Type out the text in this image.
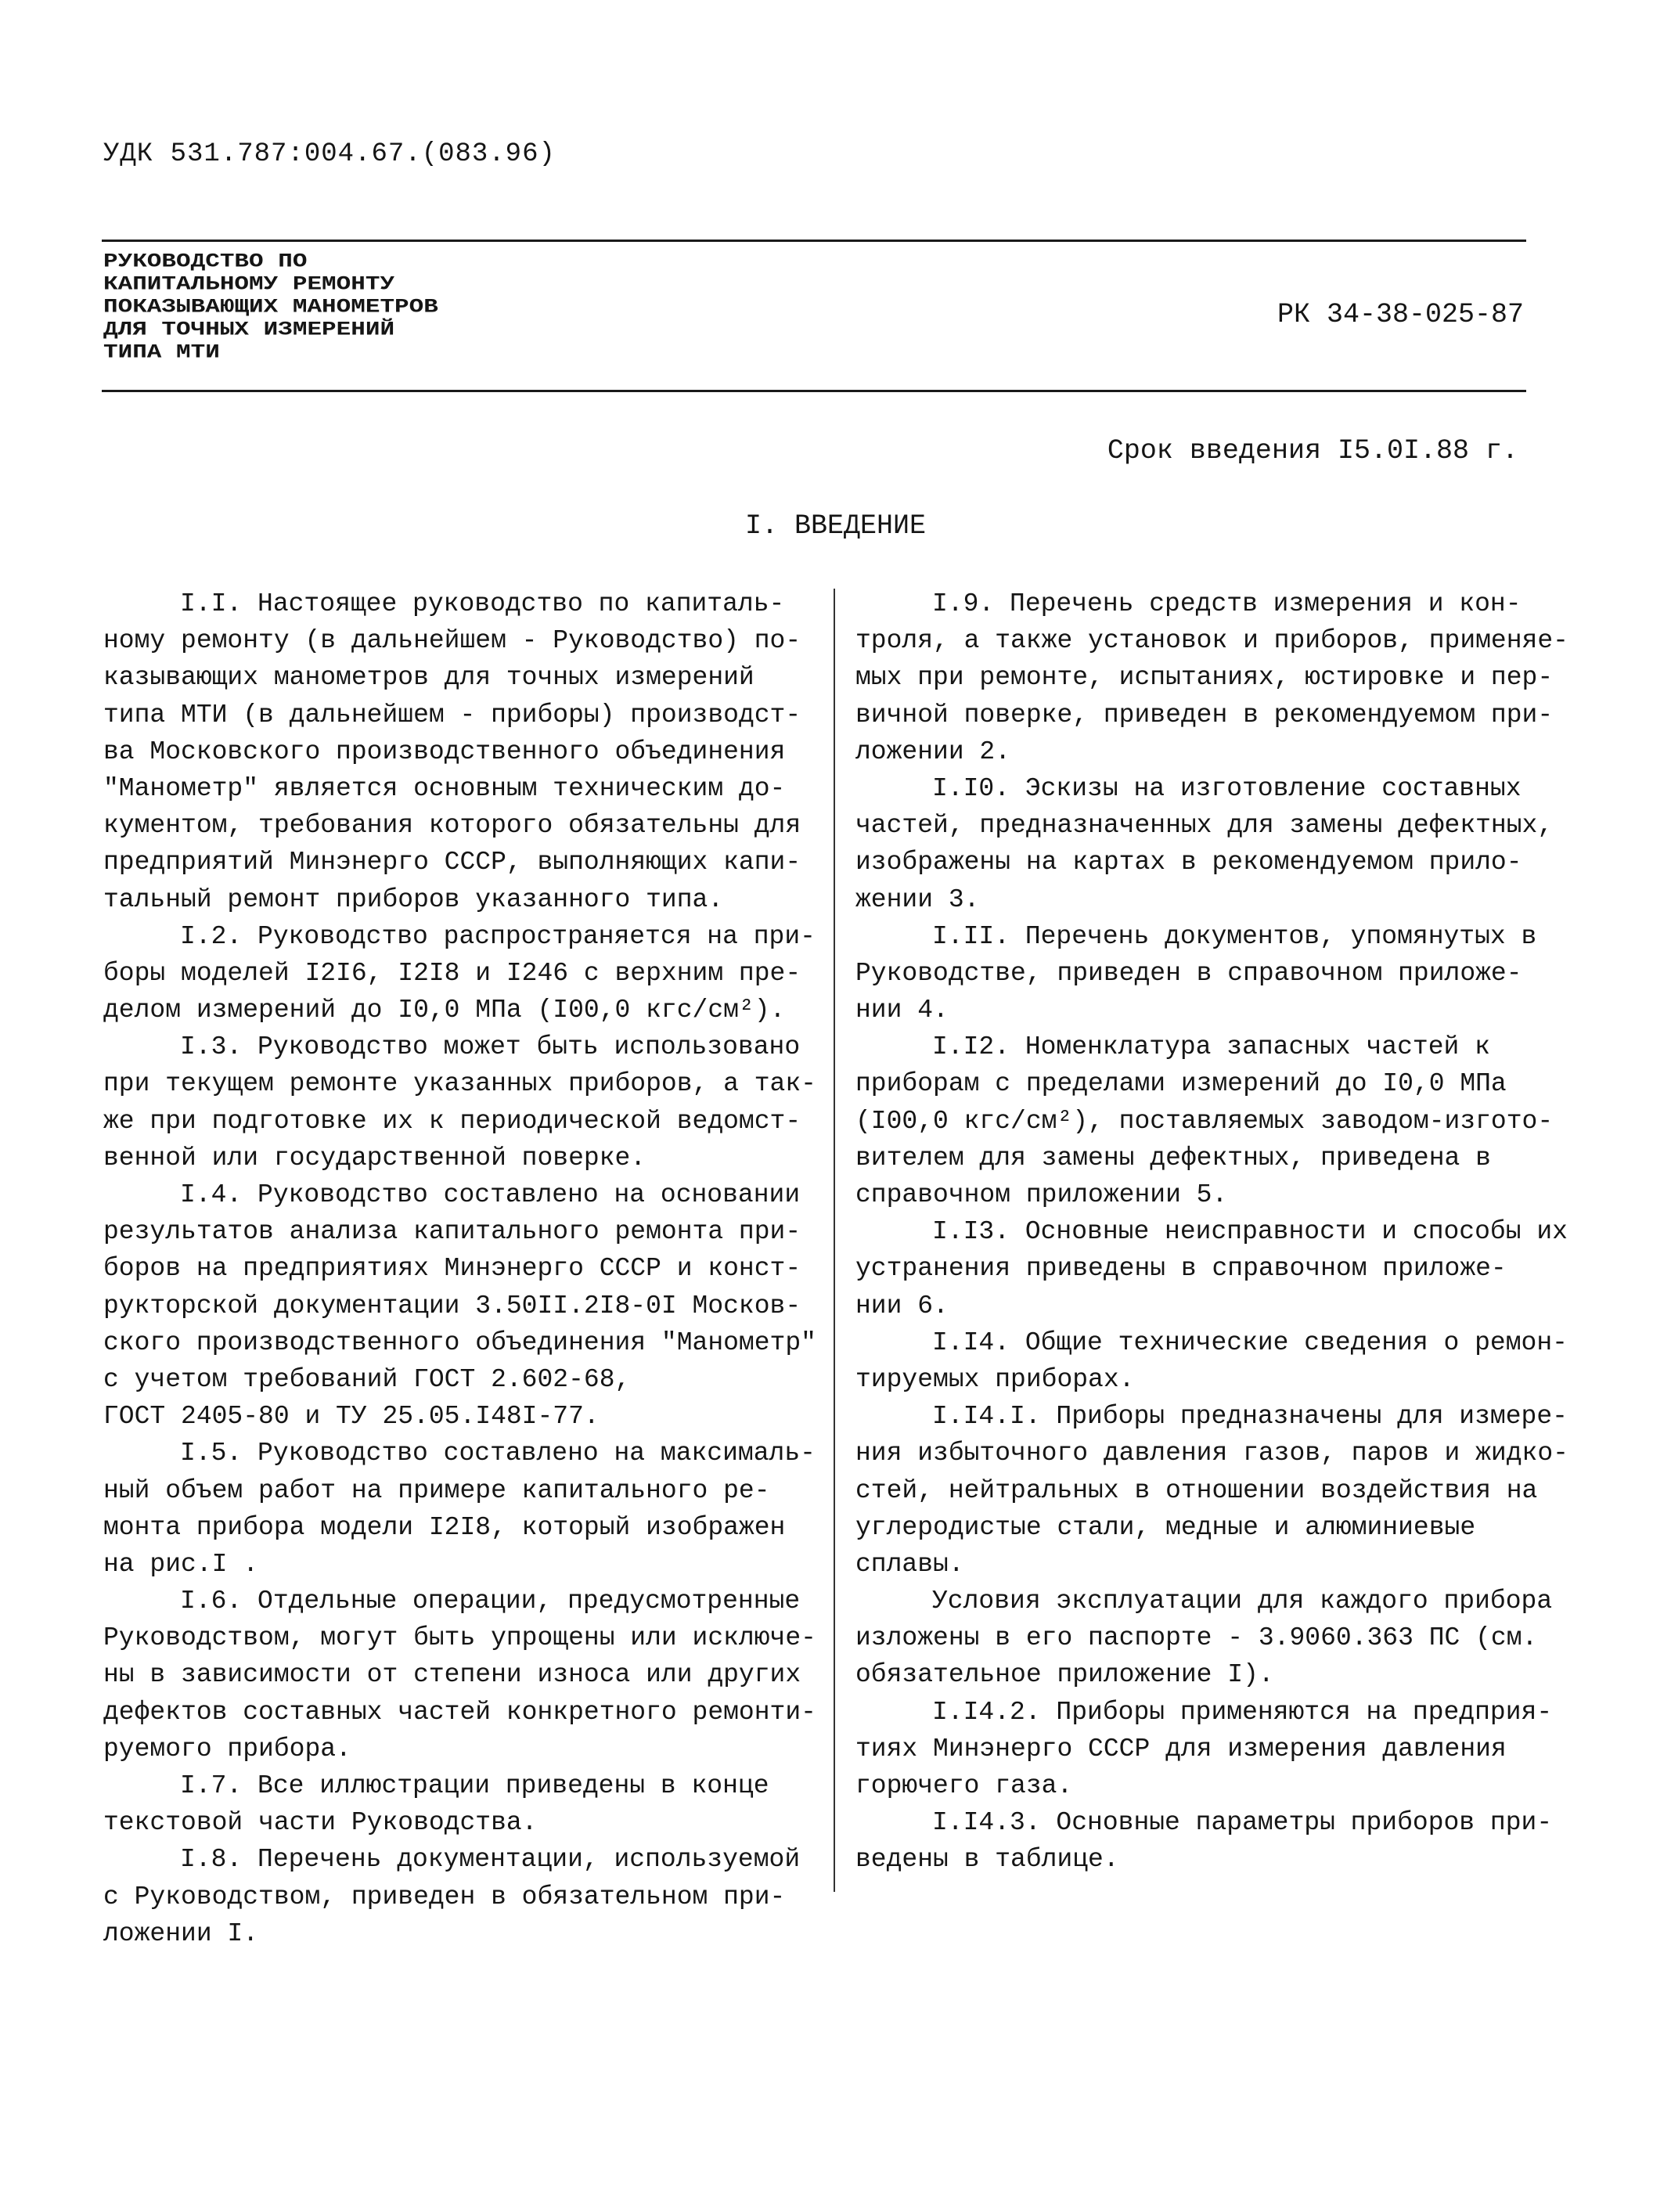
УДК 531.787:004.67.(083.96)
РУКОВОДСТВО ПО
КАПИТАЛЬНОМУ РЕМОНТУ
ПОКАЗЫВАЮЩИХ МАНОМЕТРОВ
ДЛЯ ТОЧНЫХ ИЗМЕРЕНИЙ
ТИПА МТИ
РК 34-38-025-87
Срок введения I5.0I.88 г.
I. ВВЕДЕНИЕ
I.I. Настоящее руководство по капиталь-
ному ремонту (в дальнейшем - Руководство) по-
казывающих манометров для точных измерений
типа МТИ (в дальнейшем - приборы) производст-
ва Московского производственного объединения
"Манометр" является основным техническим до-
кументом, требования которого обязательны для
предприятий Минэнерго СССР, выполняющих капи-
тальный ремонт приборов указанного типа.
I.2. Руководство распространяется на при-
боры моделей I2I6, I2I8 и I246 с верхним пре-
делом измерений до I0,0 МПа (I00,0 кгс/см²).
I.3. Руководство может быть использовано
при текущем ремонте указанных приборов, а так-
же при подготовке их к периодической ведомст-
венной или государственной поверке.
I.4. Руководство составлено на основании
результатов анализа капитального ремонта при-
боров на предприятиях Минэнерго СССР и конст-
рукторской документации 3.50II.2I8-0I Москов-
ского производственного объединения "Манометр"
с учетом требований ГОСТ 2.602-68,
ГОСТ 2405-80 и ТУ 25.05.I48I-77.
I.5. Руководство составлено на максималь-
ный объем работ на примере капитального ре-
монта прибора модели I2I8, который изображен
на рис.I .
I.6. Отдельные операции, предусмотренные
Руководством, могут быть упрощены или исключе-
ны в зависимости от степени износа или других
дефектов составных частей конкретного ремонти-
руемого прибора.
I.7. Все иллюстрации приведены в конце
текстовой части Руководства.
I.8. Перечень документации, используемой
с Руководством, приведен в обязательном при-
ложении I.
I.9. Перечень средств измерения и кон-
троля, а также установок и приборов, применяе-
мых при ремонте, испытаниях, юстировке и пер-
вичной поверке, приведен в рекомендуемом при-
ложении 2.
I.I0. Эскизы на изготовление составных
частей, предназначенных для замены дефектных,
изображены на картах в рекомендуемом прило-
жении 3.
I.II. Перечень документов, упомянутых в
Руководстве, приведен в справочном приложе-
нии 4.
I.I2. Номенклатура запасных частей к
приборам с пределами измерений до I0,0 МПа
(I00,0 кгс/см²), поставляемых заводом-изгото-
вителем для замены дефектных, приведена в
справочном приложении 5.
I.I3. Основные неисправности и способы их
устранения приведены в справочном приложе-
нии 6.
I.I4. Общие технические сведения о ремон-
тируемых приборах.
I.I4.I. Приборы предназначены для измере-
ния избыточного давления газов, паров и жидко-
стей, нейтральных в отношении воздействия на
углеродистые стали, медные и алюминиевые
сплавы.
Условия эксплуатации для каждого прибора
изложены в его паспорте - 3.9060.363 ПС (см.
обязательное приложение I).
I.I4.2. Приборы применяются на предприя-
тиях Минэнерго СССР для измерения давления
горючего газа.
I.I4.3. Основные параметры приборов при-
ведены в таблице.
